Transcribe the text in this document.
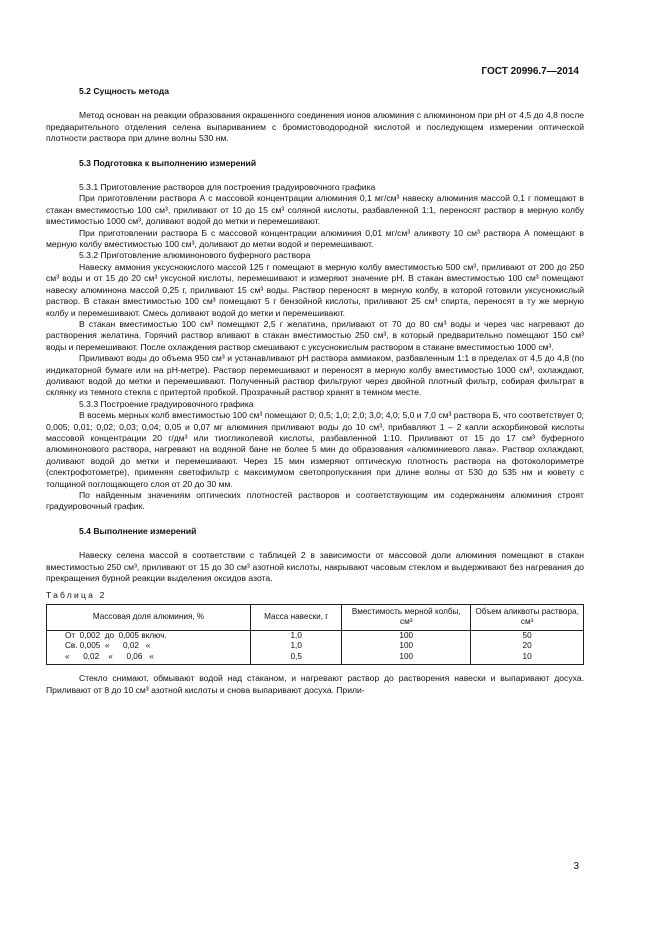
ГОСТ 20996.7—2014
5.2 Сущность метода

Метод основан на реакции образования окрашенного соединения ионов алюминия с алюминоном при pH от 4,5 до 4,8 после предварительного отделения селена выпариванием с бромистоводородной кислотой и последующем измерении оптической плотности раствора при длине волны 530 нм.

5.3 Подготовка к выполнению измерений

5.3.1 Приготовление растворов для построения градуировочного графика

При приготовлении раствора А с массовой концентрации алюминия 0,1 мг/см³ навеску алюминия массой 0,1 г помещают в стакан вместимостью 100 см³, приливают от 10 до 15 см³ соляной кислоты, разбавленной 1:1, переносят раствор в мерную колбу вместимостью 1000 см³, доливают водой до метки и перемешивают.

При приготовлении раствора Б с массовой концентрации алюминия 0,01 мг/см³ аликвоту 10 см³ раствора А помещают в мерную колбу вместимостью 100 см³, доливают до метки водой и перемешивают.

5.3.2 Приготовление алюминонового буферного раствора

Навеску аммония уксуснокислого массой 125 г помещают в мерную колбу вместимостью 500 см³, приливают от 200 до 250 см³ воды и от 15 до 20 см³ уксусной кислоты, перемешивают и измеряют значение pH. В стакан вместимостью 100 см³ помещают навеску алюминона массой 0,25 г, приливают 15 см³ воды. Раствор переносят в мерную колбу, в которой готовили уксуснокислый раствор. В стакан вместимостью 100 см³ помещают 5 г бензойной кислоты, приливают 25 см³ спирта, переносят в ту же мерную колбу и перемешивают. Смесь доливают водой до метки и перемешивают.

В стакан вместимостью 100 см³ помещают 2,5 г желатина, приливают от 70 до 80 см³ воды и через час нагревают до растворения желатина. Горячий раствор вливают в стакан вместимостью 250 см³, в который предварительно помещают 150 см³ воды и перемешивают. После охлаждения раствор смешивают с уксуснокислым раствором в стакане вместимостью 1000 см³.

Приливают воды до объема 950 см³ и устанавливают pH раствора аммиаком, разбавленным 1:1 в пределах от 4,5 до 4,8 (по индикаторной бумаге или на pH-метре). Раствор перемешивают и переносят в мерную колбу вместимостью 1000 см³, охлаждают, доливают водой до метки и перемешивают. Полученный раствор фильтруют через двойной плотный фильтр, собирая фильтрат в склянку из темного стекла с притертой пробкой. Прозрачный раствор хранят в темном месте.

5.3.3 Построение градуировочного графика

В восемь мерных колб вместимостью 100 см³ помещают 0; 0,5; 1,0; 2,0; 3,0; 4,0; 5,0 и 7,0 см³ раствора Б, что соответствует 0; 0,005; 0,01; 0,02; 0,03; 0,04; 0,05 и 0,07 мг алюминия приливают воды до 10 см³, прибавляют 1 – 2 капли аскорбиновой кислоты массовой концентрации 20 г/дм³ или тиогликолевой кислоты, разбавленной 1:10. Приливают от 15 до 17 см³ буферного алюминонового раствора, нагревают на водяной бане не более 5 мин до образования «алюминиевого лака». Раствор охлаждают, доливают водой до метки и перемешивают. Через 15 мин измеряют оптическую плотность раствора на фотоколориметре (спектрофотометре), применяя светофильтр с максимумом светопропускания при длине волны от 530 до 535 нм и кювету с толщиной поглощающего слоя от 20 до 30 мм.

По найденным значениям оптических плотностей растворов и соответствующим им содержаниям алюминия строят градуировочный график.

5.4 Выполнение измерений

Навеску селена массой в соответствии с таблицей 2 в зависимости от массовой доли алюминия помещают в стакан вместимостью 250 см³, приливают от 15 до 30 см³ азотной кислоты, накрывают часовым стеклом и выдерживают без нагревания до прекращения бурной реакции выделения оксидов азота.

Таблица 2
Массовая доля алюминия, %	Масса навески, г	Вместимость мерной колбы, см³	Объем аликвоты раствора, см³
От  0,002  до  0,005 включ.	1,0	100	50
Св. 0,005  «      0,02   «	1,0	100	20
«      0,02    «      0,06   «	0,5	100	10

Стекло снимают, обмывают водой над стаканом, и нагревают раствор до растворения навески и выпаривают досуха. Приливают от 8 до 10 см³ азотной кислоты и снова выпаривают досуха. Прили-

3
